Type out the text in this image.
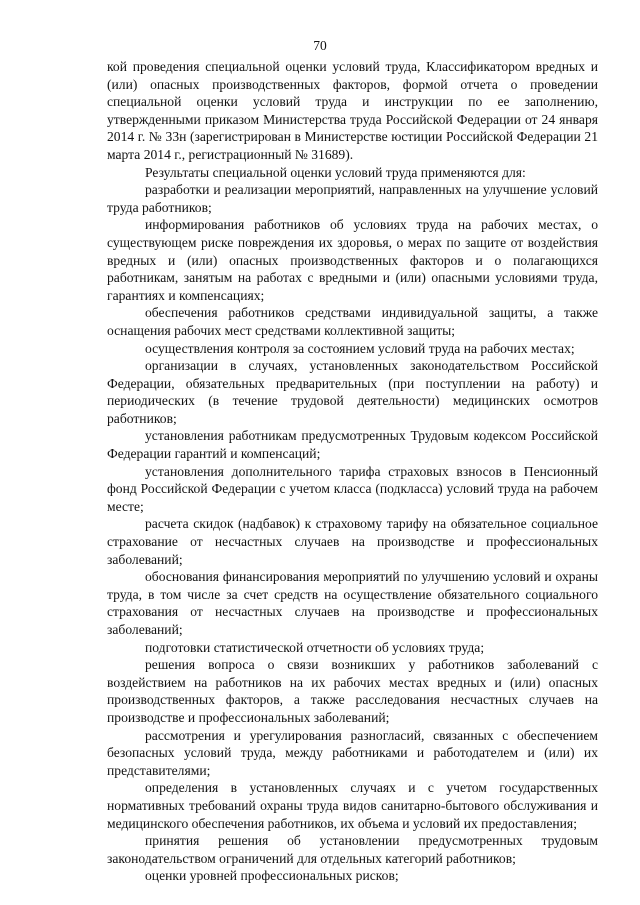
70

кой проведения специальной оценки условий труда, Классификатором вредных и (или) опасных производственных факторов, формой отчета о проведении специальной оценки условий труда и инструкции по ее заполнению, утвержденными приказом Министерства труда Российской Федерации от 24 января 2014 г. № 33н (зарегистрирован в Министерстве юстиции Российской Федерации 21 марта 2014 г., регистрационный № 31689).

Результаты специальной оценки условий труда применяются для:

разработки и реализации мероприятий, направленных на улучшение условий труда работников;

информирования работников об условиях труда на рабочих местах, о существующем риске повреждения их здоровья, о мерах по защите от воздействия вредных и (или) опасных производственных факторов и о полагающихся работникам, занятым на работах с вредными и (или) опасными условиями труда, гарантиях и компенсациях;

обеспечения работников средствами индивидуальной защиты, а также оснащения рабочих мест средствами коллективной защиты;

осуществления контроля за состоянием условий труда на рабочих местах;

организации в случаях, установленных законодательством Российской Федерации, обязательных предварительных (при поступлении на работу) и периодических (в течение трудовой деятельности) медицинских осмотров работников;

установления работникам предусмотренных Трудовым кодексом Российской Федерации гарантий и компенсаций;

установления дополнительного тарифа страховых взносов в Пенсионный фонд Российской Федерации с учетом класса (подкласса) условий труда на рабочем месте;

расчета скидок (надбавок) к страховому тарифу на обязательное социальное страхование от несчастных случаев на производстве и профессиональных заболеваний;

обоснования финансирования мероприятий по улучшению условий и охраны труда, в том числе за счет средств на осуществление обязательного социального страхования от несчастных случаев на производстве и профессиональных заболеваний;

подготовки статистической отчетности об условиях труда;

решения вопроса о связи возникших у работников заболеваний с воздействием на работников на их рабочих местах вредных и (или) опасных производственных факторов, а также расследования несчастных случаев на производстве и профессиональных заболеваний;

рассмотрения и урегулирования разногласий, связанных с обеспечением безопасных условий труда, между работниками и работодателем и (или) их представителями;

определения в установленных случаях и с учетом государственных нормативных требований охраны труда видов санитарно-бытового обслуживания и медицинского обеспечения работников, их объема и условий их предоставления;

принятия решения об установлении предусмотренных трудовым законодательством ограничений для отдельных категорий работников;

оценки уровней профессиональных рисков;
